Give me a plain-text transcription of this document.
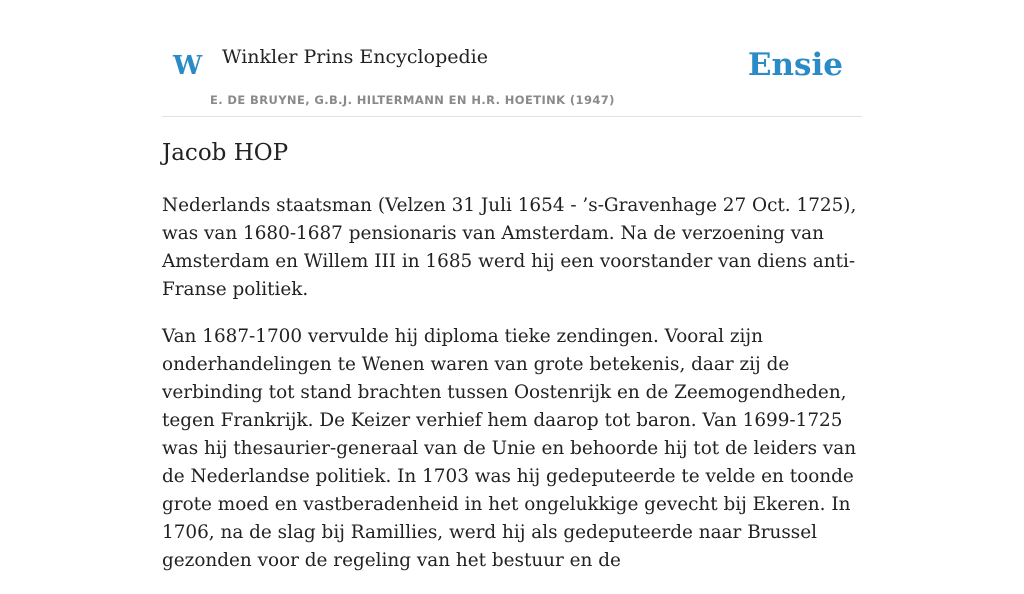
W Winkler Prins Encyclopedie
E. DE BRUYNE, G.B.J. HILTERMANN EN H.R. HOETINK (1947)
Ensie
Jacob HOP

Nederlands staatsman (Velzen 31 Juli 1654 - ’s-Gravenhage 27 Oct. 1725), was van 1680-1687 pensionaris van Amsterdam. Na de verzoening van Amsterdam en Willem III in 1685 werd hij een voorstander van diens anti-Franse politiek.

Van 1687-1700 vervulde hij diploma tieke zendingen. Vooral zijn onderhandelingen te Wenen waren van grote betekenis, daar zij de verbinding tot stand brachten tussen Oostenrijk en de Zeemogendheden, tegen Frankrijk. De Keizer verhief hem daarop tot baron. Van 1699-1725 was hij thesaurier-generaal van de Unie en behoorde hij tot de leiders van de Nederlandse politiek. In 1703 was hij gedeputeerde te velde en toonde grote moed en vastberadenheid in het ongelukkige gevecht bij Ekeren. In 1706, na de slag bij Ramillies, werd hij als gedeputeerde naar Brussel gezonden voor de regeling van het bestuur en de
